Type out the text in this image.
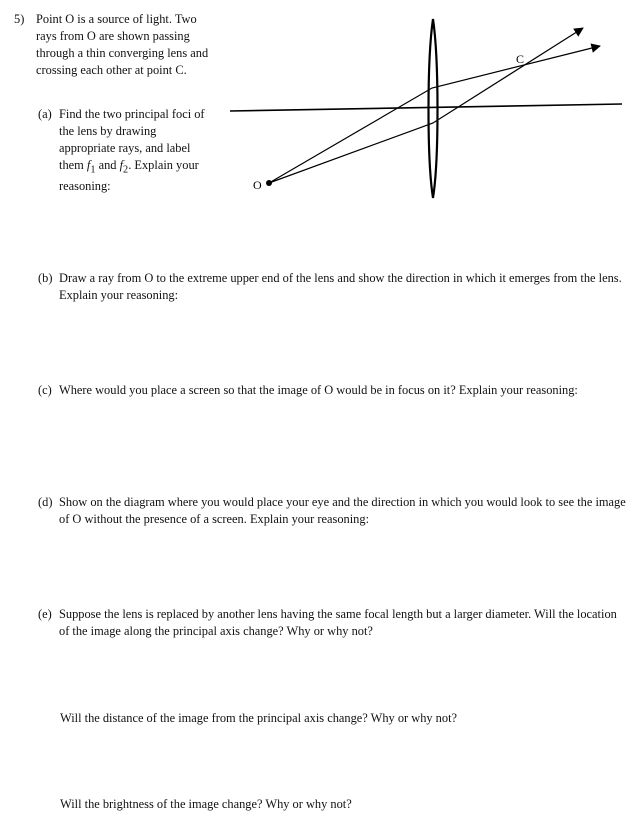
5) Point O is a source of light. Two rays from O are shown passing through a thin converging lens and crossing each other at point C.
(a) Find the two principal foci of the lens by drawing appropriate rays, and label them $f_1$ and $f_2$. Explain your reasoning:	O
C
(b) Draw a ray from O to the extreme upper end of the lens and show the direction in which it emerges from the lens. Explain your reasoning:
(c) Where would you place a screen so that the image of O would be in focus on it? Explain your reasoning:
(d) Show on the diagram where you would place your eye and the direction in which you would look to see the image of O without the presence of a screen. Explain your reasoning:
(e) Suppose the lens is replaced by another lens having the same focal length but a larger diameter. Will the location of the image along the principal axis change? Why or why not?
Will the distance of the image from the principal axis change? Why or why not?
Will the brightness of the image change? Why or why not?
